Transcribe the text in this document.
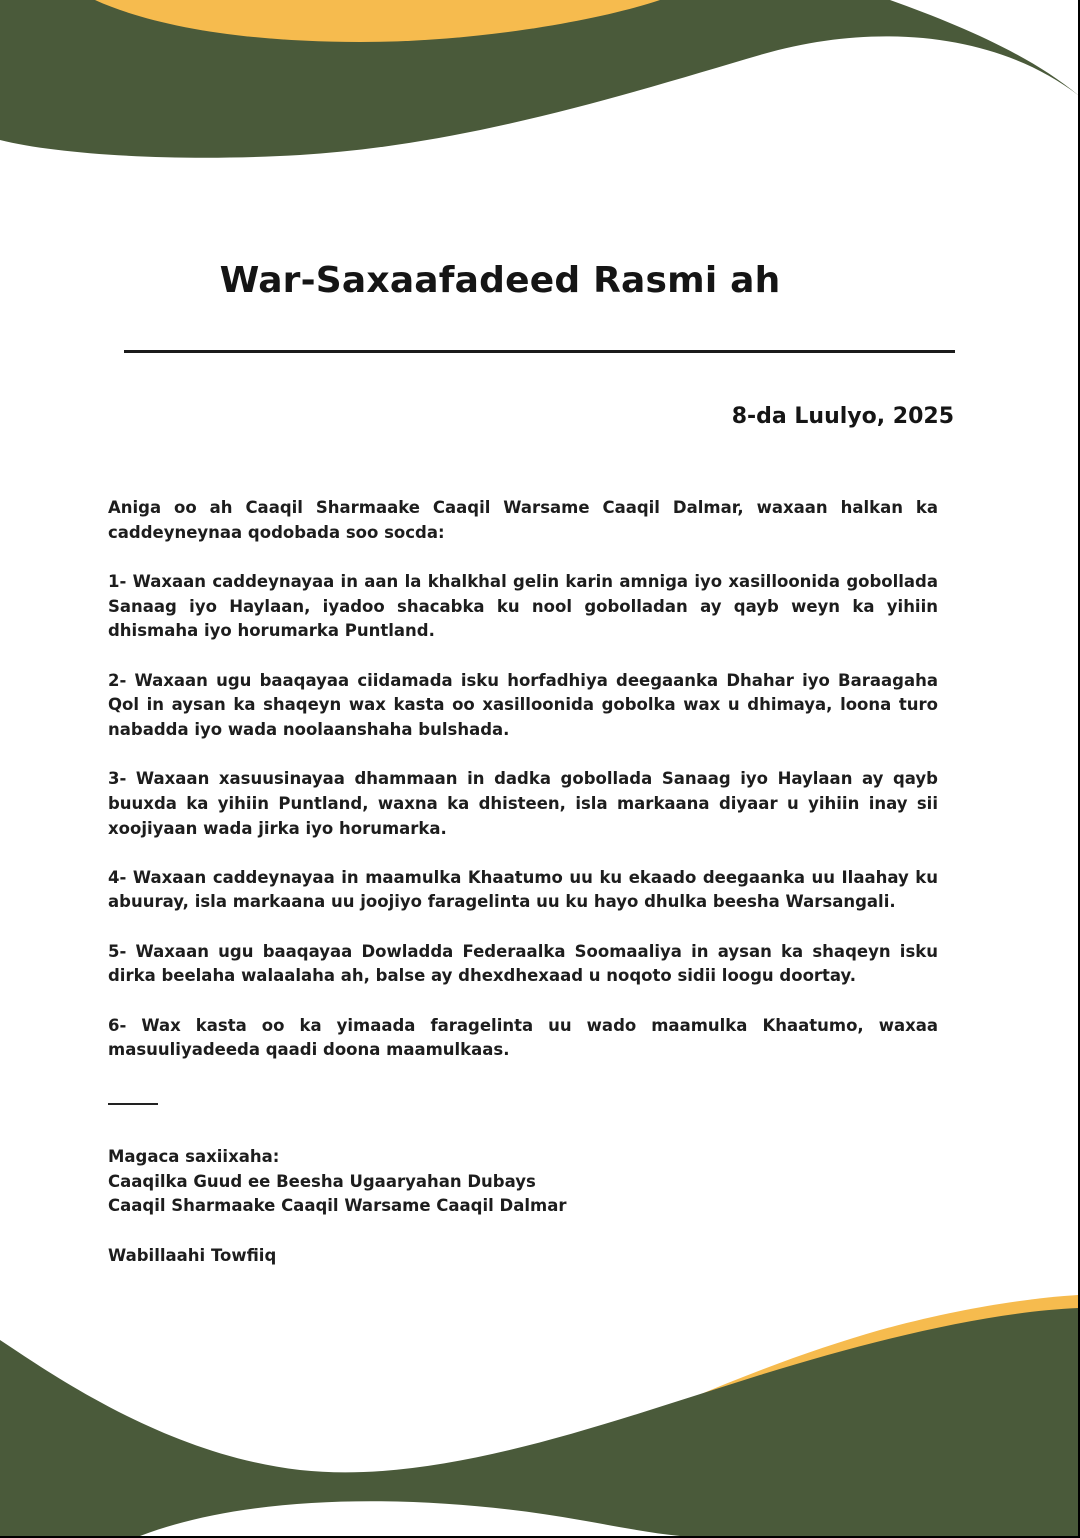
War-Saxaafadeed Rasmi ah
8-da Luulyo, 2025

Aniga oo ah Caaqil Sharmaake Caaqil Warsame Caaqil Dalmar, waxaan halkan ka caddeyneynaa qodobada soo socda:

1- Waxaan caddeynayaa in aan la khalkhal gelin karin amniga iyo xasilloonida gobollada Sanaag iyo Haylaan, iyadoo shacabka ku nool gobolladan ay qayb weyn ka yihiin dhismaha iyo horumarka Puntland.

2- Waxaan ugu baaqayaa ciidamada isku horfadhiya deegaanka Dhahar iyo Baraagaha Qol in aysan ka shaqeyn wax kasta oo xasilloonida gobolka wax u dhimaya, loona turo nabadda iyo wada noolaanshaha bulshada.

3- Waxaan xasuusinayaa dhammaan in dadka gobollada Sanaag iyo Haylaan ay qayb buuxda ka yihiin Puntland, waxna ka dhisteen, isla markaana diyaar u yihiin inay sii xoojiyaan wada jirka iyo horumarka.

4- Waxaan caddeynayaa in maamulka Khaatumo uu ku ekaado deegaanka uu Ilaahay ku abuuray, isla markaana uu joojiyo faragelinta uu ku hayo dhulka beesha Warsangali.

5- Waxaan ugu baaqayaa Dowladda Federaalka Soomaaliya in aysan ka shaqeyn isku dirka beelaha walaalaha ah, balse ay dhexdhexaad u noqoto sidii loogu doortay.

6- Wax kasta oo ka yimaada faragelinta uu wado maamulka Khaatumo, waxaa masuuliyadeeda qaadi doona maamulkaas.

Magaca saxiixaha:

Caaqilka Guud ee Beesha Ugaaryahan Dubays

Caaqil Sharmaake Caaqil Warsame Caaqil Dalmar

Wabillaahi Towfiiq
